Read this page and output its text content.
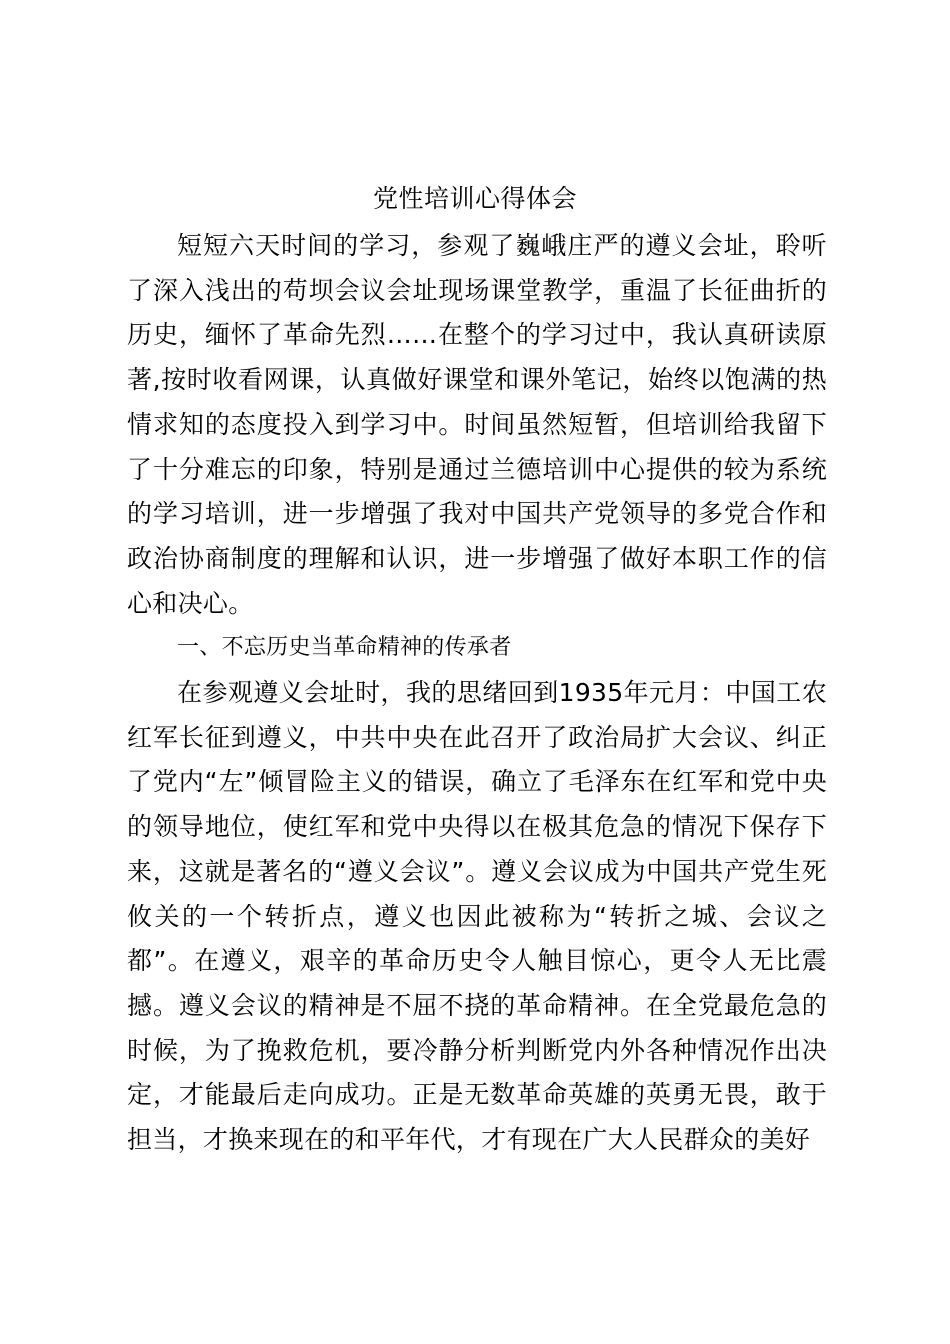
党性培训心得体会

短短六天时间的学习，参观了巍峨庄严的遵义会址，聆听了深入浅出的苟坝会议会址现场课堂教学，重温了长征曲折的历史，缅怀了革命先烈……在整个的学习过中，我认真研读原著,按时收看网课，认真做好课堂和课外笔记，始终以饱满的热情求知的态度投入到学习中。时间虽然短暂，但培训给我留下了十分难忘的印象，特别是通过兰德培训中心提供的较为系统的学习培训，进一步增强了我对中国共产党领导的多党合作和政治协商制度的理解和认识，进一步增强了做好本职工作的信心和决心。

一、不忘历史当革命精神的传承者

在参观遵义会址时，我的思绪回到1935年元月：中国工农红军长征到遵义，中共中央在此召开了政治局扩大会议、纠正了党内“左”倾冒险主义的错误，确立了毛泽东在红军和党中央的领导地位，使红军和党中央得以在极其危急的情况下保存下来，这就是著名的“遵义会议”。遵义会议成为中国共产党生死攸关的一个转折点，遵义也因此被称为“转折之城、会议之都”。在遵义，艰辛的革命历史令人触目惊心，更令人无比震撼。遵义会议的精神是不屈不挠的革命精神。在全党最危急的时候，为了挽救危机，要冷静分析判断党内外各种情况作出决定，才能最后走向成功。正是无数革命英雄的英勇无畏，敢于担当，才换来现在的和平年代，才有现在广大人民群众的美好
